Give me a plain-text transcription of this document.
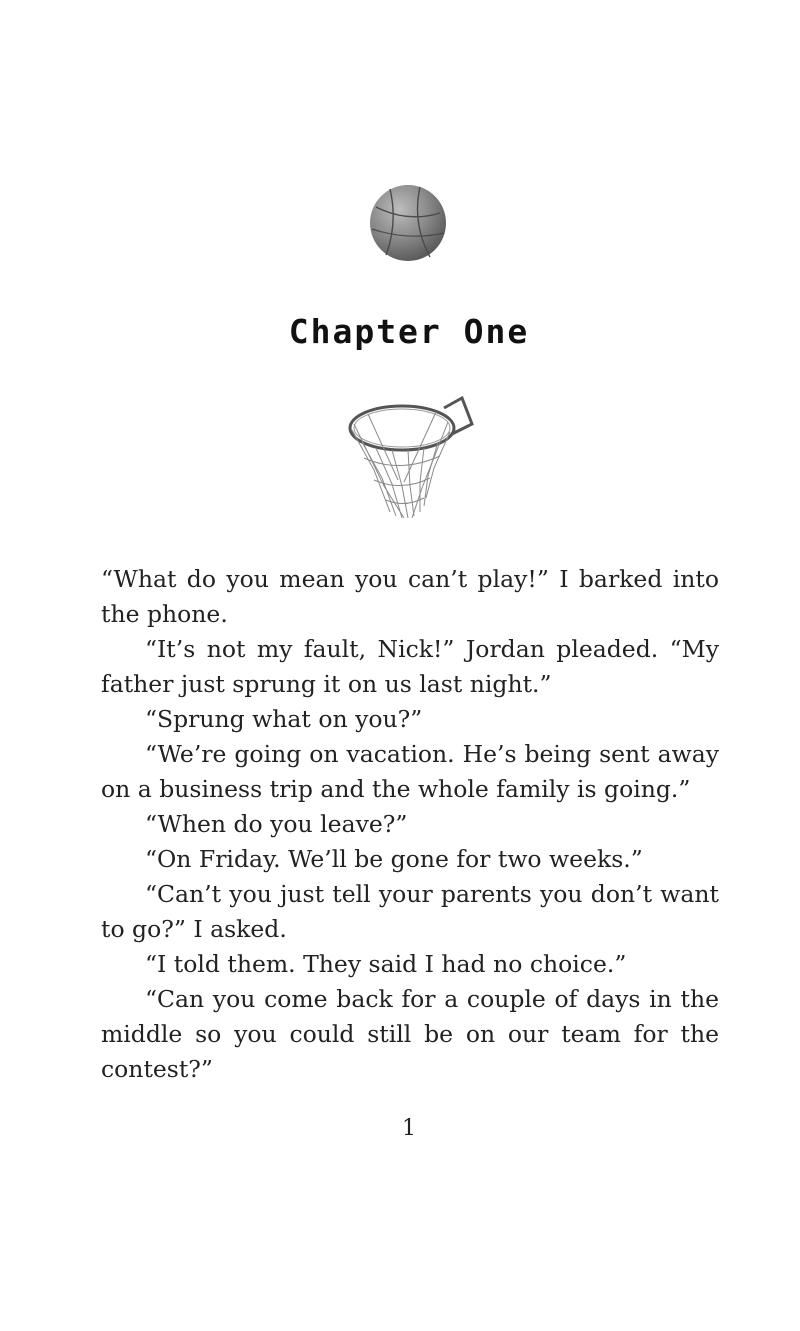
Chapter One

“What do you mean you can’t play!” I barked into the phone.

“It’s not my fault, Nick!” Jordan pleaded. “My father just sprung it on us last night.”

“Sprung what on you?”

“We’re going on vacation. He’s being sent away on a business trip and the whole family is going.”

“When do you leave?”

“On Friday. We’ll be gone for two weeks.”

“Can’t you just tell your parents you don’t want to go?” I asked.

“I told them. They said I had no choice.”

“Can you come back for a couple of days in the middle so you could still be on our team for the contest?”

1
